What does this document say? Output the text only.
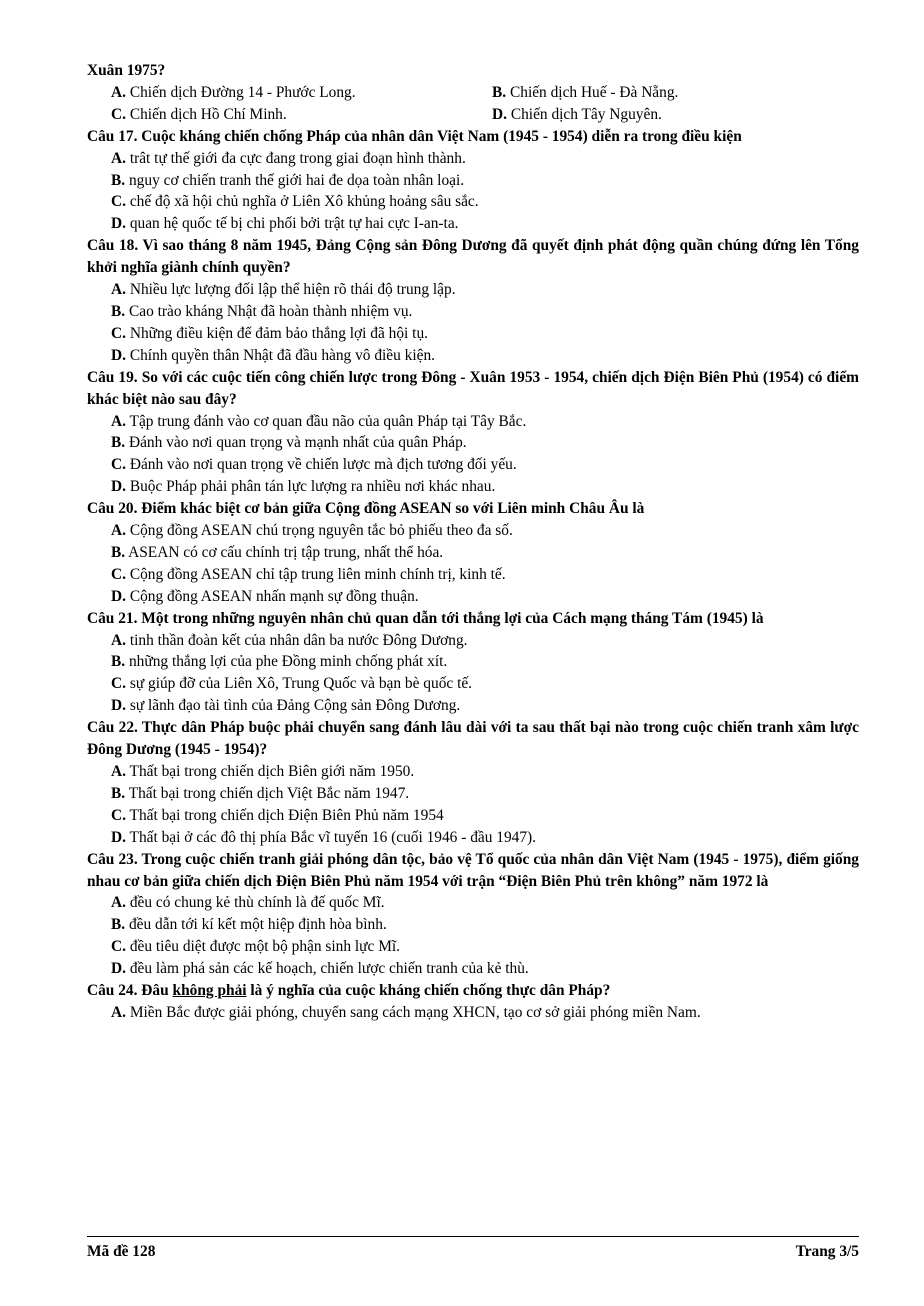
Xuân 1975?
A. Chiến dịch Đường 14 - Phước Long.	B. Chiến dịch Huế - Đà Nẵng.
C. Chiến dịch Hồ Chí Minh.	D. Chiến dịch Tây Nguyên.
Câu 17. Cuộc kháng chiến chống Pháp của nhân dân Việt Nam (1945 - 1954) diễn ra trong điều kiện
A. trât tự thế giới đa cực đang trong giai đoạn hình thành.
B. nguy cơ chiến tranh thế giới hai đe dọa toàn nhân loại.
C. chế độ xã hội chủ nghĩa ở Liên Xô khủng hoảng sâu sắc.
D. quan hệ quốc tế bị chi phối bởi trật tự hai cực I-an-ta.
Câu 18. Vì sao tháng 8 năm 1945, Đảng Cộng sản Đông Dương đã quyết định phát động quần chúng đứng lên Tổng khởi nghĩa giành chính quyền?
A. Nhiều lực lượng đối lập thể hiện rõ thái độ trung lập.
B. Cao trào kháng Nhật đã hoàn thành nhiệm vụ.
C. Những điều kiện để đảm bảo thắng lợi đã hội tụ.
D. Chính quyền thân Nhật đã đầu hàng vô điều kiện.
Câu 19. So với các cuộc tiến công chiến lược trong Đông - Xuân 1953 - 1954, chiến dịch Điện Biên Phủ (1954) có điểm khác biệt nào sau đây?
A. Tập trung đánh vào cơ quan đầu não của quân Pháp tại Tây Bắc.
B. Đánh vào nơi quan trọng và mạnh nhất của quân Pháp.
C. Đánh vào nơi quan trọng về chiến lược mà địch tương đối yếu.
D. Buộc Pháp phải phân tán lực lượng ra nhiều nơi khác nhau.
Câu 20. Điểm khác biệt cơ bản giữa Cộng đồng ASEAN so với Liên minh Châu Âu là
A. Cộng đồng ASEAN chú trọng nguyên tắc bỏ phiếu theo đa số.
B. ASEAN có cơ cấu chính trị tập trung, nhất thể hóa.
C. Cộng đồng ASEAN chỉ tập trung liên minh chính trị, kinh tế.
D. Cộng đồng ASEAN nhấn mạnh sự đồng thuận.
Câu 21. Một trong những nguyên nhân chủ quan dẫn tới thắng lợi của Cách mạng tháng Tám (1945) là
A. tinh thần đoàn kết của nhân dân ba nước Đông Dương.
B. những thắng lợi của phe Đồng minh chống phát xít.
C. sự giúp đỡ của Liên Xô, Trung Quốc và bạn bè quốc tế.
D. sự lãnh đạo tài tình của Đảng Cộng sản Đông Dương.
Câu 22. Thực dân Pháp buộc phải chuyển sang đánh lâu dài với ta sau thất bại nào trong cuộc chiến tranh xâm lược Đông Dương (1945 - 1954)?
A. Thất bại trong chiến dịch Biên giới năm 1950.
B. Thất bại trong chiến dịch Việt Bắc năm 1947.
C. Thất bại trong chiến dịch Điện Biên Phủ năm 1954
D. Thất bại ở các đô thị phía Bắc vĩ tuyến 16 (cuối 1946 - đầu 1947).
Câu 23. Trong cuộc chiến tranh giải phóng dân tộc, bảo vệ Tổ quốc của nhân dân Việt Nam (1945 - 1975), điểm giống nhau cơ bản giữa chiến dịch Điện Biên Phủ năm 1954 với trận “Điện Biên Phủ trên không” năm 1972 là
A. đều có chung kẻ thù chính là đế quốc Mĩ.
B. đều dẫn tới kí kết một hiệp định hòa bình.
C. đều tiêu diệt được một bộ phận sinh lực Mĩ.
D. đều làm phá sản các kế hoạch, chiến lược chiến tranh của kẻ thù.
Câu 24. Đâu không phải là ý nghĩa của cuộc kháng chiến chống thực dân Pháp?
A. Miền Bắc được giải phóng, chuyển sang cách mạng XHCN, tạo cơ sở giải phóng miền Nam.
Mã đề 128	Trang 3/5
